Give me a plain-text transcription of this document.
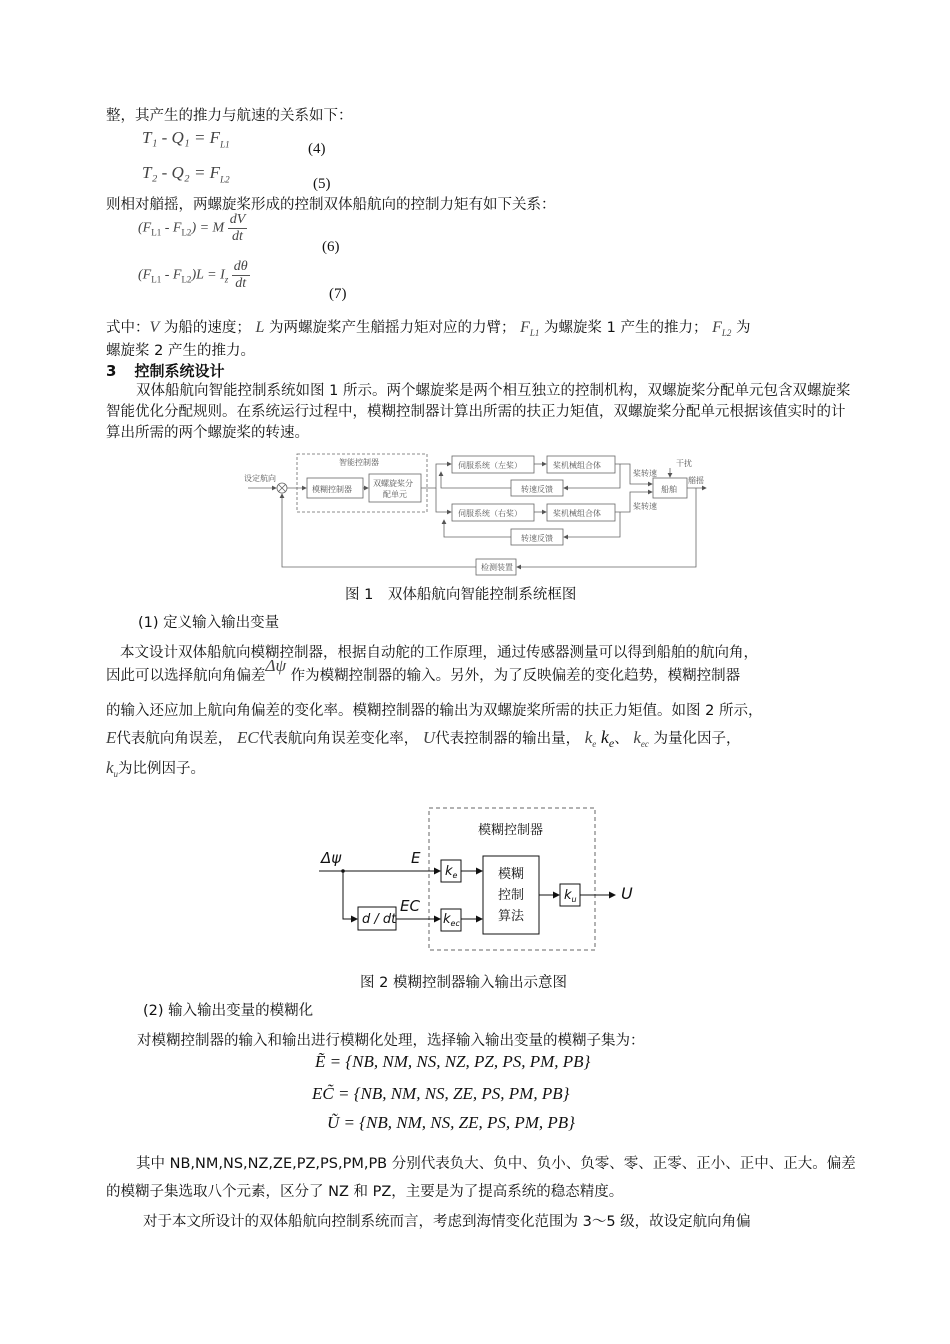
整，其产生的推力与航速的关系如下：
$T_1 - Q_1 = F_{L1}$	(4)
$T_2 - Q_2 = F_{L2}$	(5)
则相对艏摇，两螺旋桨形成的控制双体船航向的控制力矩有如下关系：
$(F_{L1} - F_{L2}) = M \frac{dV}{dt}$
(6)
$(F_{L1} - F_{L2})L = I_z \frac{d\theta}{dt}$
(7)
式中：V 为船的速度； L 为两螺旋桨产生艏摇力矩对应的力臂； $F_{L1}$ 为螺旋桨 1 产生的推力； $F_{L2}$ 为
螺旋桨 2 产生的推力。
3 控制系统设计
双体船航向智能控制系统如图 1 所示。两个螺旋桨是两个相互独立的控制机构，双螺旋桨分配单元包含双螺旋桨智能优化分配规则。在系统运行过程中，模糊控制器计算出所需的扶正力矩值，双螺旋桨分配单元根据该值实时的计算出所需的两个螺旋桨的转速。
设定航向
智能控制器
模糊控制器
双螺旋桨分
配单元
伺服系统（左桨）	桨机械组合体
转速反馈
伺服系统（右桨）	桨机械组合体
转速反馈
桨转速
桨转速
干扰
船舶
艏摇
检测装置
图 1　双体船航向智能控制系统框图
(1) 定义输入输出变量
本文设计双体船航向模糊控制器，根据自动舵的工作原理，通过传感器测量可以得到船舶的航向角，
因此可以选择航向角偏差Δψ 作为模糊控制器的输入。另外，为了反映偏差的变化趋势，模糊控制器
的输入还应加上航向角偏差的变化率。模糊控制器的输出为双螺旋桨所需的扶正力矩值。如图 2 所示，
E代表航向角误差， EC代表航向角误差变化率， U代表控制器的输出量， $k_e$ $k_e$、 $k_{ec}$ 为量化因子，
$k_u$为比例因子。
模糊控制器
Δψ	E
EC
d / dt
$k_e$
$k_{ec}$
$k_u$
模糊
控制
算法
U
图 2 模糊控制器输入输出示意图
(2) 输入输出变量的模糊化
对模糊控制器的输入和输出进行模糊化处理，选择输入输出变量的模糊子集为：
Ẽ = {NB, NM, NS, NZ, PZ, PS, PM, PB}
EC̃ = {NB, NM, NS, ZE, PS, PM, PB}
Ũ = {NB, NM, NS, ZE, PS, PM, PB}
其中 NB,NM,NS,NZ,ZE,PZ,PS,PM,PB 分别代表负大、负中、负小、负零、零、正零、正小、正中、正大。偏差的模糊子集选取八个元素，区分了 NZ 和 PZ，主要是为了提高系统的稳态精度。
对于本文所设计的双体船航向控制系统而言，考虑到海情变化范围为 3～5 级，故设定航向角偏
